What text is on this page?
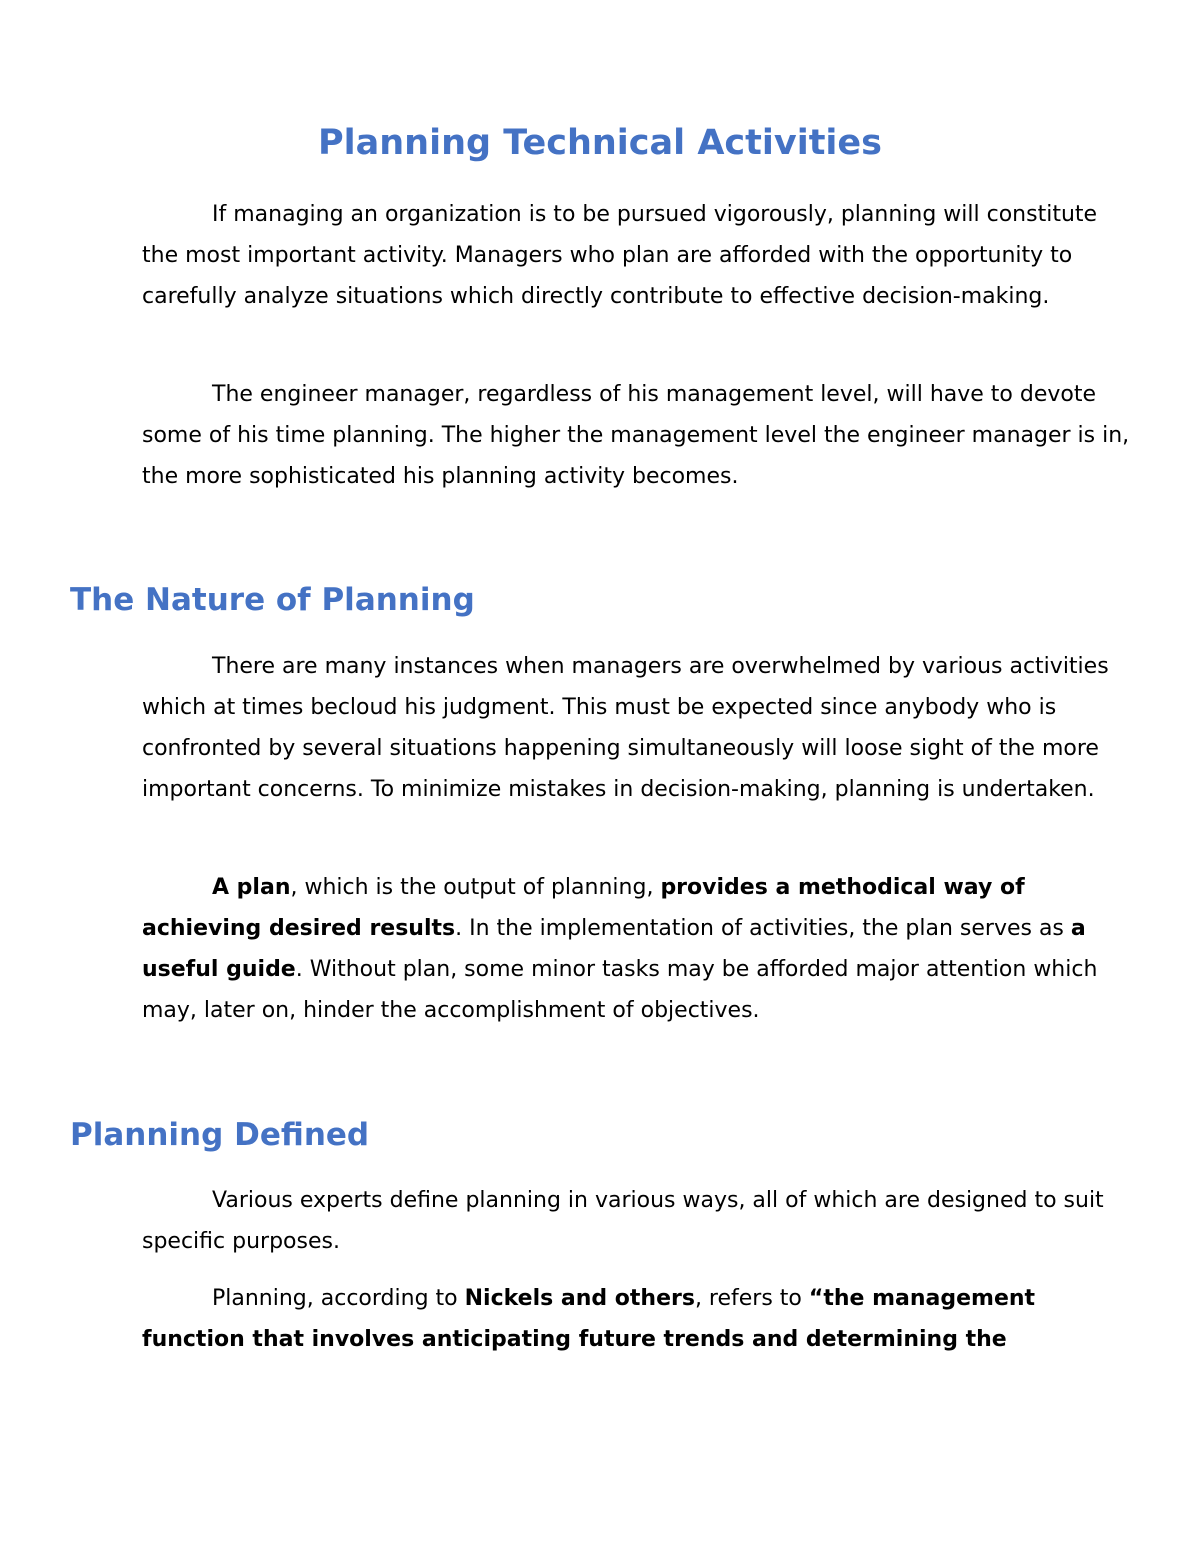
Planning Technical Activities

If managing an organization is to be pursued vigorously, planning will constitute the most important activity. Managers who plan are afforded with the opportunity to carefully analyze situations which directly contribute to effective decision-making.

The engineer manager, regardless of his management level, will have to devote some of his time planning. The higher the management level the engineer manager is in, the more sophisticated his planning activity becomes.

The Nature of Planning

There are many instances when managers are overwhelmed by various activities which at times becloud his judgment. This must be expected since anybody who is confronted by several situations happening simultaneously will loose sight of the more important concerns. To minimize mistakes in decision-making, planning is undertaken.

A plan, which is the output of planning, provides a methodical way of achieving desired results. In the implementation of activities, the plan serves as a useful guide. Without plan, some minor tasks may be afforded major attention which may, later on, hinder the accomplishment of objectives.

Planning Defined

Various experts define planning in various ways, all of which are designed to suit specific purposes.

Planning, according to Nickels and others, refers to “the management function that involves anticipating future trends and determining the
